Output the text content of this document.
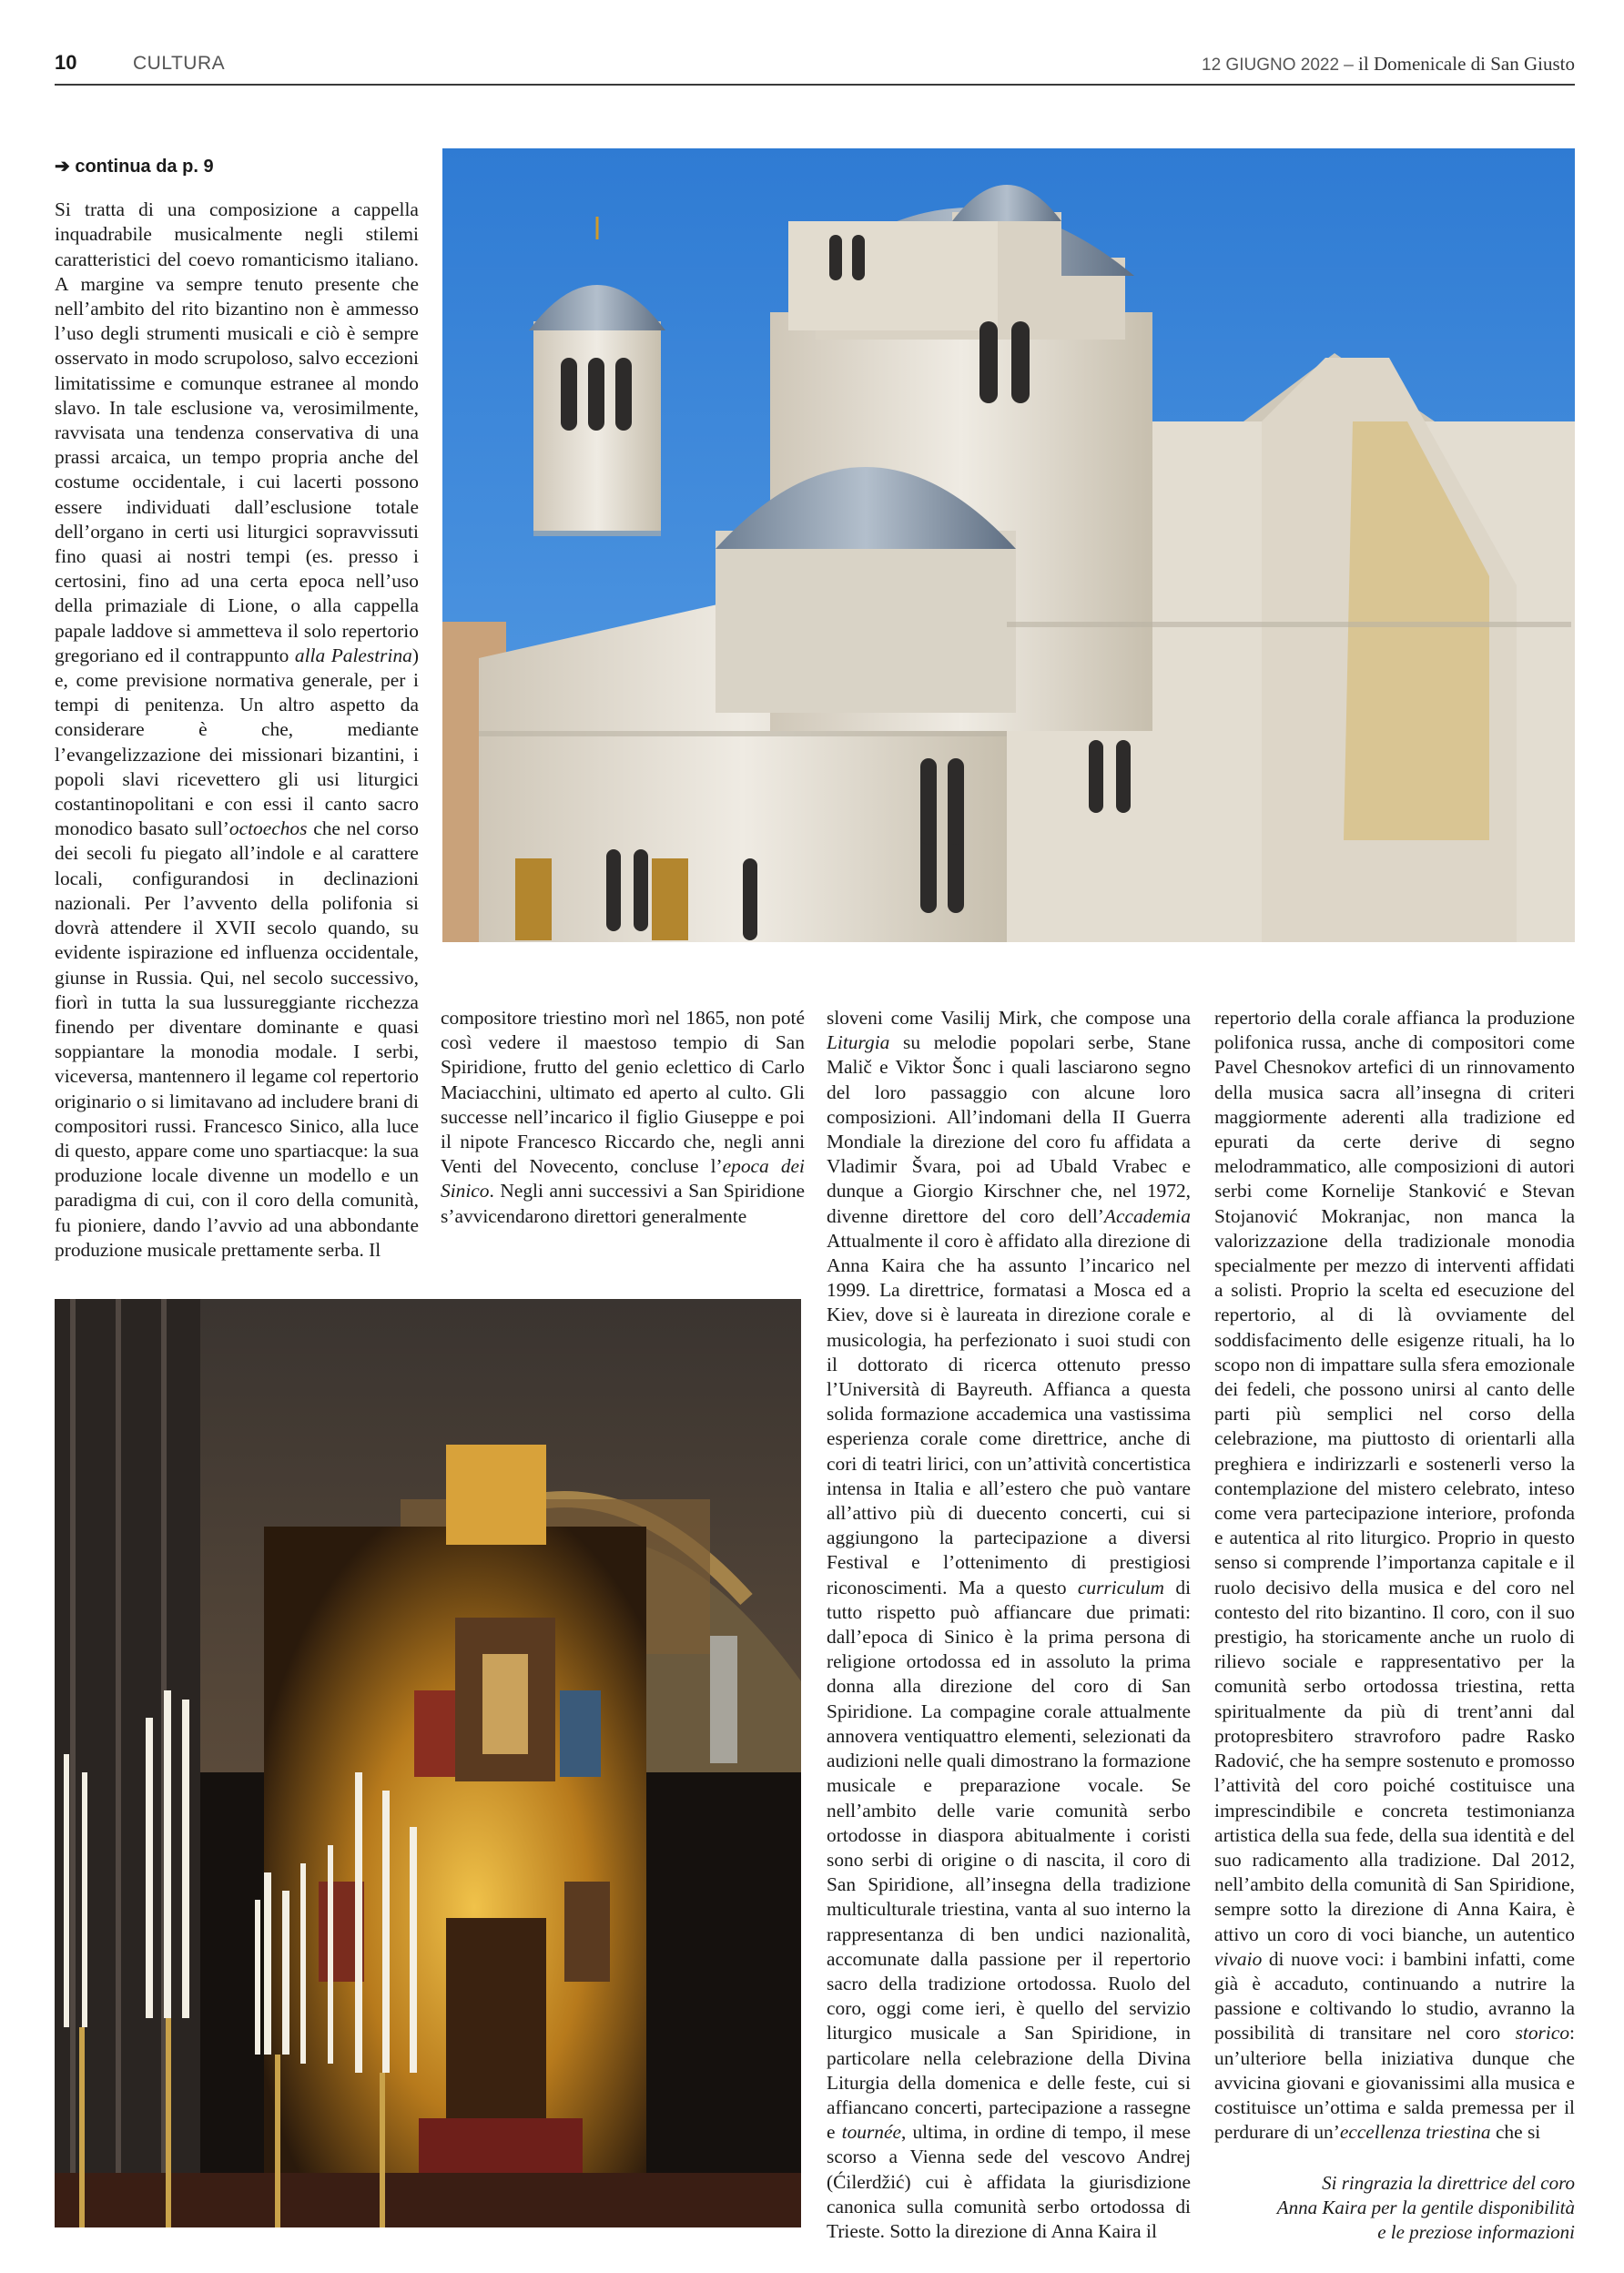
10	CULTURA	12 GIUGNO 2022 – il Domenicale di San Giusto

➔ continua da p. 9

Si tratta di una composizione a cappella inquadrabile musicalmente negli stilemi caratteristici del coevo romanticismo italiano. A margine va sempre tenuto presente che nell’ambito del rito bizantino non è ammesso l’uso degli strumenti musicali e ciò è sempre osservato in modo scrupoloso, salvo eccezioni limitatissime e comunque estranee al mondo slavo. In tale esclusione va, verosimilmente, ravvisata una tendenza conservativa di una prassi arcaica, un tempo propria anche del costume occidentale, i cui lacerti possono essere individuati dall’esclusione totale dell’organo in certi usi liturgici sopravvissuti fino quasi ai nostri tempi (es. presso i certosini, fino ad una certa epoca nell’uso della primaziale di Lione, o alla cappella papale laddove si ammetteva il solo repertorio gregoriano ed il contrappunto alla Palestrina) e, come previsione normativa generale, per i tempi di penitenza. Un altro aspetto da considerare	è	che,	mediante l’evangelizzazione dei missionari bizantini, i popoli slavi ricevettero gli usi liturgici costantinopolitani e con essi il canto sacro monodico basato sull’octoechos che nel corso dei secoli fu piegato all’indole e al carattere locali, configurandosi in declinazioni nazionali. Per l’avvento della polifonia si dovrà attendere il XVII secolo quando, su evidente ispirazione ed influenza occidentale, giunse in Russia. Qui, nel secolo successivo, fiorì in tutta la sua lussureggiante ricchezza finendo per diventare dominante e quasi soppiantare la monodia modale. I serbi, viceversa, mantennero il legame col repertorio originario o si limitavano ad includere brani di compositori russi. Francesco Sinico, alla luce di questo, appare come uno spartiacque: la sua produzione locale divenne un modello e un paradigma di cui, con il coro della comunità, fu pioniere, dando l’avvio ad una abbondante produzione musicale prettamente serba. Il

compositore triestino morì nel 1865, non poté così vedere il maestoso tempio di San Spiridione, frutto del genio eclettico di Carlo Maciacchini, ultimato ed aperto al culto. Gli successe nell’incarico il figlio Giuseppe e poi il nipote Francesco Riccardo che, negli anni Venti del Novecento, concluse l’epoca dei Sinico. Negli anni successivi a San Spiridione s’avvicendarono direttori generalmente

sloveni come Vasilij Mirk, che compose una Liturgia su melodie popolari serbe, Stane Malič e Viktor Šonc i quali lasciarono segno del loro passaggio con alcune loro composizioni. All’indomani della II Guerra Mondiale la direzione del coro fu affidata a Vladimir Švara, poi ad Ubald Vrabec e dunque a Giorgio Kirschner che, nel 1972, divenne direttore del coro dell’Accademia Attualmente il coro è affidato alla direzione di Anna Kaira che ha assunto l’incarico nel 1999. La direttrice, formatasi a Mosca ed a Kiev, dove si è laureata in direzione corale e musicologia, ha perfezionato i suoi studi con il dottorato di ricerca ottenuto presso l’Università di Bayreuth. Affianca a questa solida formazione accademica una vastissima esperienza corale come direttrice, anche di cori di teatri lirici, con un’attività concertistica intensa in Italia e all’estero che può vantare all’attivo più di duecento concerti, cui si aggiungono la partecipazione a diversi Festival e l’ottenimento di prestigiosi riconoscimenti. Ma a questo curriculum di tutto rispetto può affiancare due primati: dall’epoca di Sinico è la prima persona di religione ortodossa ed in assoluto la prima donna alla direzione del coro di San Spiridione. La compagine corale attualmente annovera ventiquattro elementi, selezionati da audizioni nelle quali dimostrano la formazione musicale e preparazione vocale. Se nell’ambito delle varie comunità serbo ortodosse in diaspora abitualmente i coristi sono serbi di origine o di nascita, il coro di San Spiridione, all’insegna della tradizione multiculturale triestina, vanta al suo interno la rappresentanza di ben undici nazionalità, accomunate dalla passione per il repertorio sacro della tradizione ortodossa. Ruolo del coro, oggi come ieri, è quello del servizio liturgico musicale a San Spiridione, in particolare nella celebrazione della Divina Liturgia della domenica e delle feste, cui si affiancano concerti, partecipazione a rassegne e tournée, ultima, in ordine di tempo, il mese scorso a Vienna sede del vescovo Andrej (Ćilerdžić) cui è affidata la giurisdizione canonica sulla comunità serbo ortodossa di Trieste. Sotto la direzione di Anna Kaira il

repertorio della corale affianca la produzione polifonica russa, anche di compositori come Pavel Chesnokov artefici di un rinnovamento della musica sacra all’insegna di criteri maggiormente aderenti alla tradizione ed epurati da certe derive di segno melodrammatico, alle composizioni di autori serbi come Kornelije Stanković e Stevan Stojanović Mokranjac, non manca la valorizzazione della tradizionale monodia specialmente per mezzo di interventi affidati a solisti. Proprio la scelta ed esecuzione del repertorio, al di là ovviamente del soddisfacimento delle esigenze rituali, ha lo scopo non di impattare sulla sfera emozionale dei fedeli, che possono unirsi al canto delle parti più semplici nel corso della celebrazione, ma piuttosto di orientarli alla preghiera e indirizzarli e sostenerli verso la contemplazione del mistero celebrato, inteso come vera partecipazione interiore, profonda e autentica al rito liturgico. Proprio in questo senso si comprende l’importanza capitale e il ruolo decisivo della musica e del coro nel contesto del rito bizantino. Il coro, con il suo prestigio, ha storicamente anche un ruolo di rilievo sociale e rappresentativo per la comunità serbo ortodossa triestina, retta spiritualmente da più di trent’anni dal protopresbitero stravroforo padre Rasko Radović, che ha sempre sostenuto e promosso l’attività del coro poiché costituisce una imprescindibile e concreta testimonianza artistica della sua fede, della sua identità e del suo radicamento alla tradizione. Dal 2012, nell’ambito della comunità di San Spiridione, sempre sotto la direzione di Anna Kaira, è attivo un coro di voci bianche, un autentico vivaio di nuove voci: i bambini infatti, come già è accaduto, continuando a nutrire la passione e coltivando lo studio, avranno la possibilità di transitare nel coro storico: un’ulteriore bella iniziativa dunque che avvicina giovani e giovanissimi alla musica e costituisce un’ottima e salda premessa per il perdurare di un’eccellenza triestina che si

Si ringrazia la direttrice del coro
Anna Kaira per la gentile disponibilità
e le preziose informazioni
